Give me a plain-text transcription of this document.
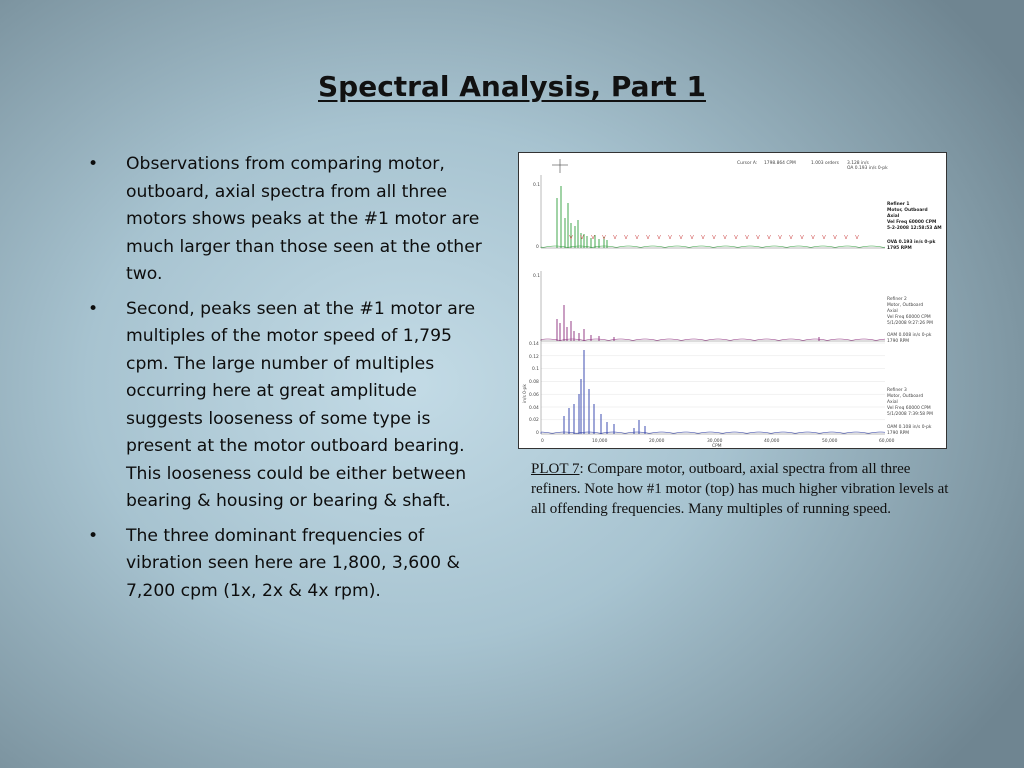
Spectral Analysis, Part 1
• Observations from comparing motor, outboard, axial spectra from all three motors shows peaks at the #1 motor are much larger than those seen at the other two.
• Second, peaks seen at the #1 motor are multiples of the motor speed of 1,795 cpm. The large number of multiples occurring here at great amplitude suggests looseness of some type is present at the motor outboard bearing. This looseness could be either between bearing & housing or bearing & shaft.
• The three dominant frequencies of vibration seen here are 1,800, 3,600 & 7,200 cpm (1x, 2x & 4x rpm).
Cursor A: 1798.864 CPM	1.003 orders 3.128 in/s
OA 0.193 in/s 0-pk
0.1
0
0.1
0.14
0.12
0.1
0.08
0.06
0.04
0.02
0
in/s 0-pk
0	10,000	20,000	30,000	40,000	50,000	60,000
CPM
Refiner 1
Motor, Outboard
Axial
Vel Freq 60000 CPM
5-2-2008 12:58:53 AM
OVA 0.193 in/s 0-pk
1795 RPM
Refiner 2
Motor, Outboard
Axial
Vel Freq 60000 CPM
5/1/2008 9:27:26 PM
OAM 0.008 in/s 0-pk
1790 RPM
Refiner 3
Motor, Outboard
Axial
Vel Freq 60000 CPM
5/1/2008 7:39:58 PM
OAM 0.108 in/s 0-pk
1790 RPM
PLOT 7: Compare motor, outboard, axial spectra from all three refiners. Note how #1 motor (top) has much higher vibration levels at all offending frequencies. Many multiples of running speed.
